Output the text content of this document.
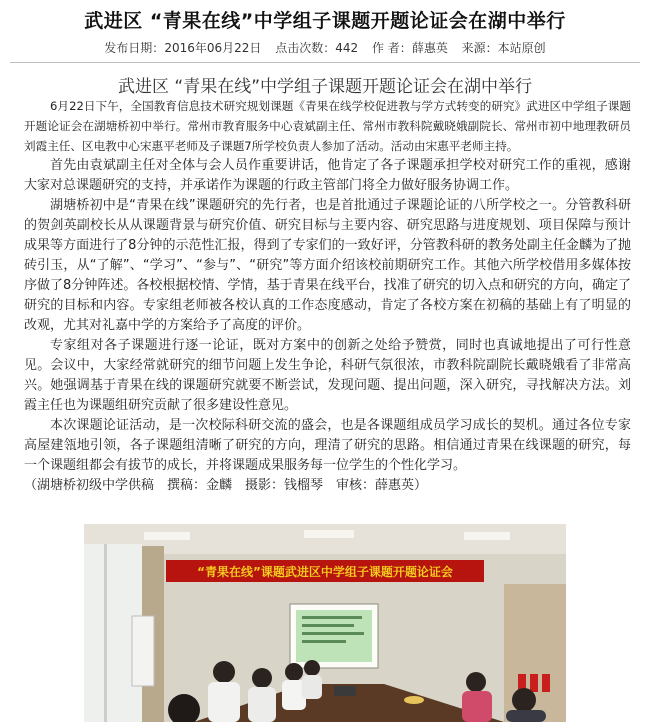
武进区 “青果在线”中学组子课题开题论证会在湖中举行
发布日期：2016年06月22日 点击次数：442 作 者：薛惠英 来源：本站原创
武进区 “青果在线”中学组子课题开题论证会在湖中举行

6月22日下午，全国教育信息技术研究规划课题《青果在线学校促进教与学方式转变的研究》武进区中学组子课题开题论证会在湖塘桥初中举行。常州市教育服务中心袁斌副主任、常州市教科院戴晓娥副院长、常州市初中地理教研员刘霞主任、区电教中心宋惠平老师及子课题7所学校负责人参加了活动。活动由宋惠平老师主持。

首先由袁斌副主任对全体与会人员作重要讲话，他肯定了各子课题承担学校对研究工作的重视，感谢大家对总课题研究的支持，并承诺作为课题的行政主管部门将全力做好服务协调工作。

湖塘桥初中是“青果在线”课题研究的先行者，也是首批通过子课题论证的八所学校之一。分管教科研的贺剑英副校长从从课题背景与研究价值、研究目标与主要内容、研究思路与进度规划、项目保障与预计成果等方面进行了8分钟的示范性汇报，得到了专家们的一致好评，分管教科研的教务处副主任金麟为了抛砖引玉，从“了解”、“学习”、“参与”、“研究”等方面介绍该校前期研究工作。其他六所学校借用多媒体按序做了8分钟阵述。各校根据校情、学情，基于青果在线平台，找准了研究的切入点和研究的方向，确定了研究的目标和内容。专家组老师被各校认真的工作态度感动，肯定了各校方案在初稿的基础上有了明显的改观，尤其对礼嘉中学的方案给予了高度的评价。

专家组对各子课题进行逐一论证，既对方案中的创新之处给予赞赏，同时也真诚地提出了可行性意见。会议中，大家经常就研究的细节问题上发生争论，科研气氛很浓，市教科院副院长戴晓娥看了非常高兴。她强调基于青果在线的课题研究就要不断尝试，发现问题、提出问题，深入研究，寻找解决方法。刘霞主任也为课题组研究贡献了很多建设性意见。

本次课题论证活动，是一次校际科研交流的盛会，也是各课题组成员学习成长的契机。通过各位专家高屋建瓴地引领，各子课题组清晰了研究的方向，理清了研究的思路。相信通过青果在线课题的研究，每一个课题组都会有拔节的成长，并将课题成果服务每一位学生的个性化学习。

（湖塘桥初级中学供稿　撰稿：金麟　摄影：钱榴琴　审核：薛惠英）

“青果在线”课题武进区中学组子课题开题论证会
